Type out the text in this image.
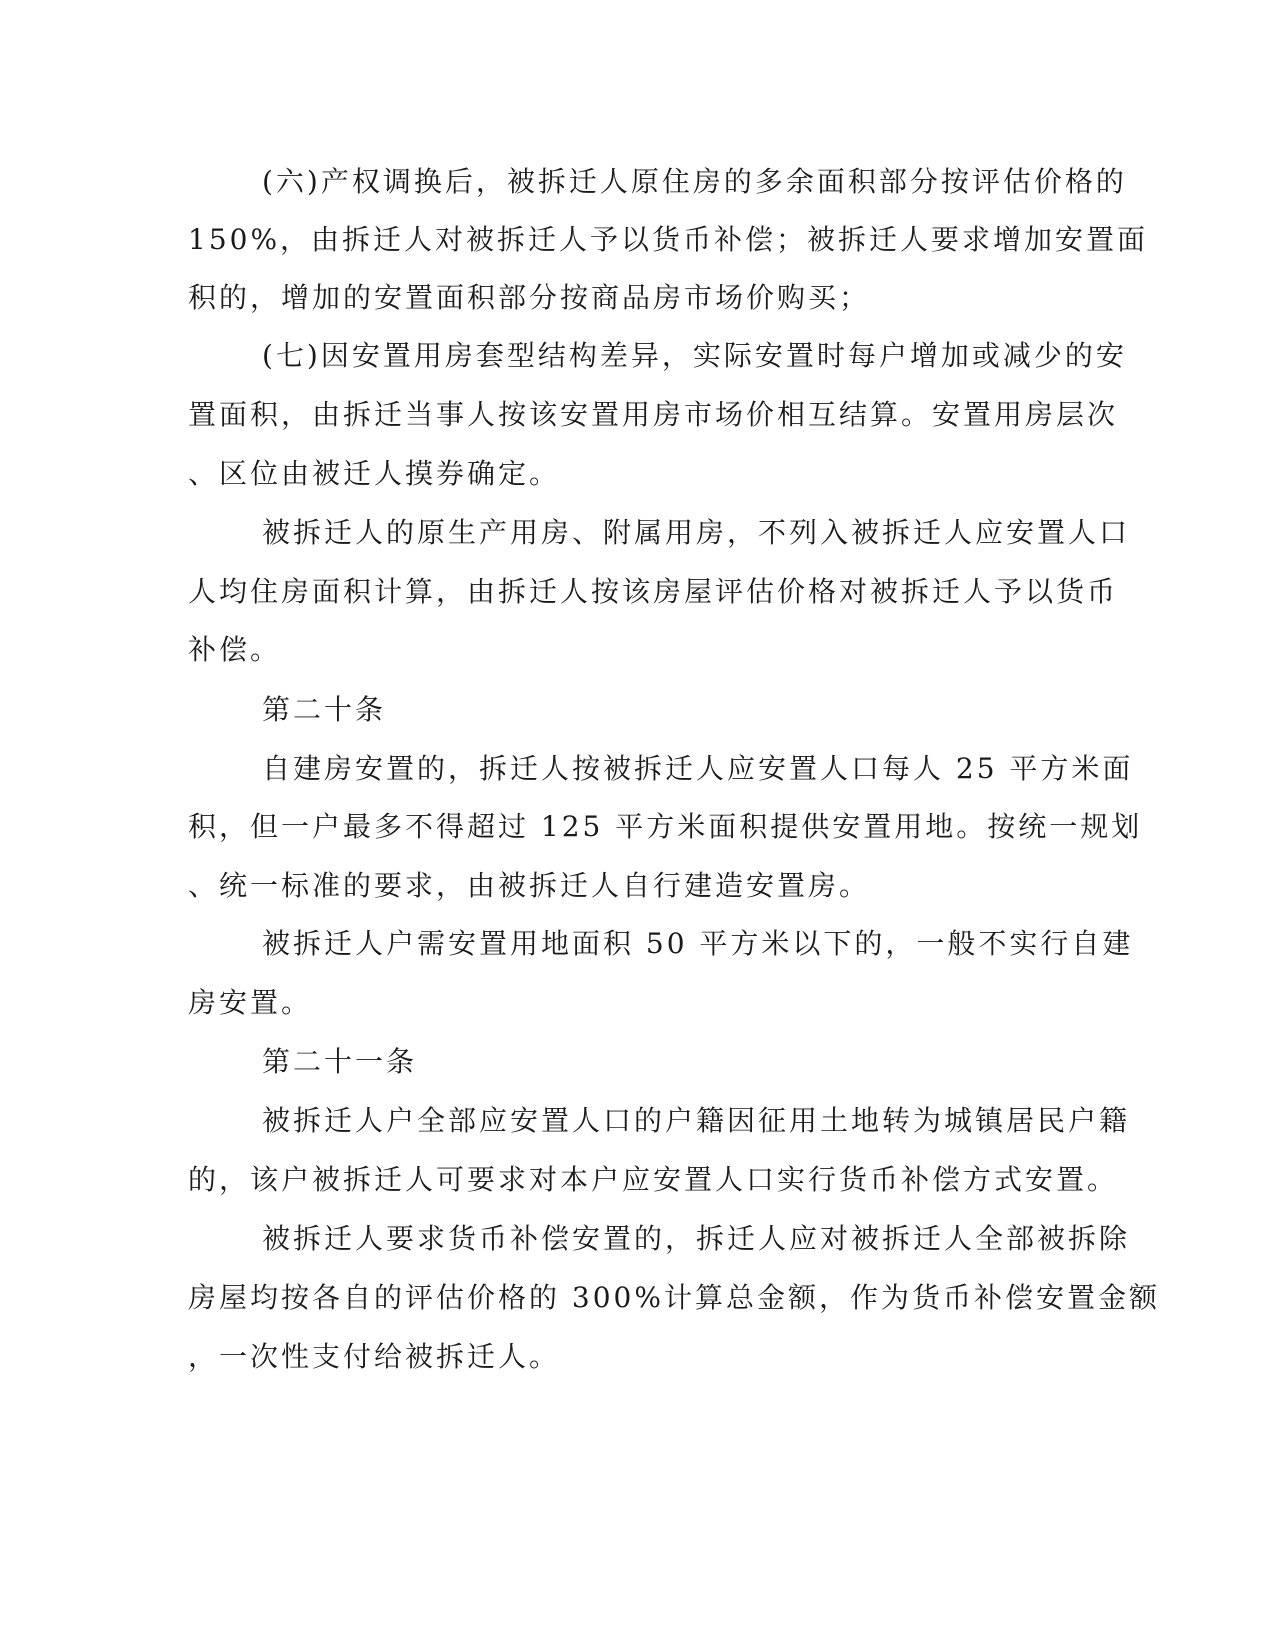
(六)产权调换后，被拆迁人原住房的多余面积部分按评估价格的
150%，由拆迁人对被拆迁人予以货币补偿；被拆迁人要求增加安置面
积的，增加的安置面积部分按商品房市场价购买；
(七)因安置用房套型结构差异，实际安置时每户增加或减少的安
置面积，由拆迁当事人按该安置用房市场价相互结算。安置用房层次
、区位由被迁人摸券确定。
被拆迁人的原生产用房、附属用房，不列入被拆迁人应安置人口
人均住房面积计算，由拆迁人按该房屋评估价格对被拆迁人予以货币
补偿。
第二十条
自建房安置的，拆迁人按被拆迁人应安置人口每人 25 平方米面
积，但一户最多不得超过 125 平方米面积提供安置用地。按统一规划
、统一标准的要求，由被拆迁人自行建造安置房。
被拆迁人户需安置用地面积 50 平方米以下的，一般不实行自建
房安置。
第二十一条
被拆迁人户全部应安置人口的户籍因征用土地转为城镇居民户籍
的，该户被拆迁人可要求对本户应安置人口实行货币补偿方式安置。
被拆迁人要求货币补偿安置的，拆迁人应对被拆迁人全部被拆除
房屋均按各自的评估价格的 300%计算总金额，作为货币补偿安置金额
，一次性支付给被拆迁人。
